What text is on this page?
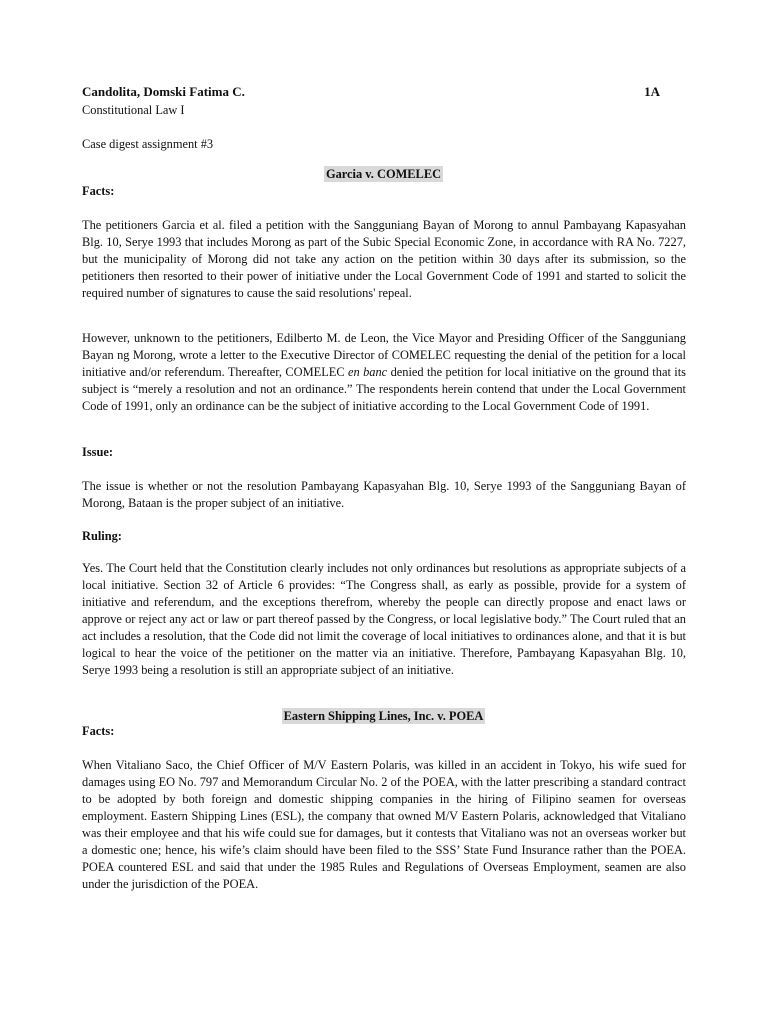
Candolita, Domski Fatima C.	1A
Constitutional Law I
Case digest assignment #3
Garcia v. COMELEC
Facts:

The petitioners Garcia et al. filed a petition with the Sangguniang Bayan of Morong to annul Pambayang Kapasyahan Blg. 10, Serye 1993 that includes Morong as part of the Subic Special Economic Zone, in accordance with RA No. 7227, but the municipality of Morong did not take any action on the petition within 30 days after its submission, so the petitioners then resorted to their power of initiative under the Local Government Code of 1991 and started to solicit the required number of signatures to cause the said resolutions' repeal.

However, unknown to the petitioners, Edilberto M. de Leon, the Vice Mayor and Presiding Officer of the Sangguniang Bayan ng Morong, wrote a letter to the Executive Director of COMELEC requesting the denial of the petition for a local initiative and/or referendum. Thereafter, COMELEC en banc denied the petition for local initiative on the ground that its subject is “merely a resolution and not an ordinance.” The respondents herein contend that under the Local Government Code of 1991, only an ordinance can be the subject of initiative according to the Local Government Code of 1991.

Issue:

The issue is whether or not the resolution Pambayang Kapasyahan Blg. 10, Serye 1993 of the Sangguniang Bayan of Morong, Bataan is the proper subject of an initiative.

Ruling:

Yes. The Court held that the Constitution clearly includes not only ordinances but resolutions as appropriate subjects of a local initiative. Section 32 of Article 6 provides: “The Congress shall, as early as possible, provide for a system of initiative and referendum, and the exceptions therefrom, whereby the people can directly propose and enact laws or approve or reject any act or law or part thereof passed by the Congress, or local legislative body.” The Court ruled that an act includes a resolution, that the Code did not limit the coverage of local initiatives to ordinances alone, and that it is but logical to hear the voice of the petitioner on the matter via an initiative. Therefore, Pambayang Kapasyahan Blg. 10, Serye 1993 being a resolution is still an appropriate subject of an initiative.

Eastern Shipping Lines, Inc. v. POEA
Facts:

When Vitaliano Saco, the Chief Officer of M/V Eastern Polaris, was killed in an accident in Tokyo, his wife sued for damages using EO No. 797 and Memorandum Circular No. 2 of the POEA, with the latter prescribing a standard contract to be adopted by both foreign and domestic shipping companies in the hiring of Filipino seamen for overseas employment. Eastern Shipping Lines (ESL), the company that owned M/V Eastern Polaris, acknowledged that Vitaliano was their employee and that his wife could sue for damages, but it contests that Vitaliano was not an overseas worker but a domestic one; hence, his wife’s claim should have been filed to the SSS’ State Fund Insurance rather than the POEA. POEA countered ESL and said that under the 1985 Rules and Regulations of Overseas Employment, seamen are also under the jurisdiction of the POEA.
